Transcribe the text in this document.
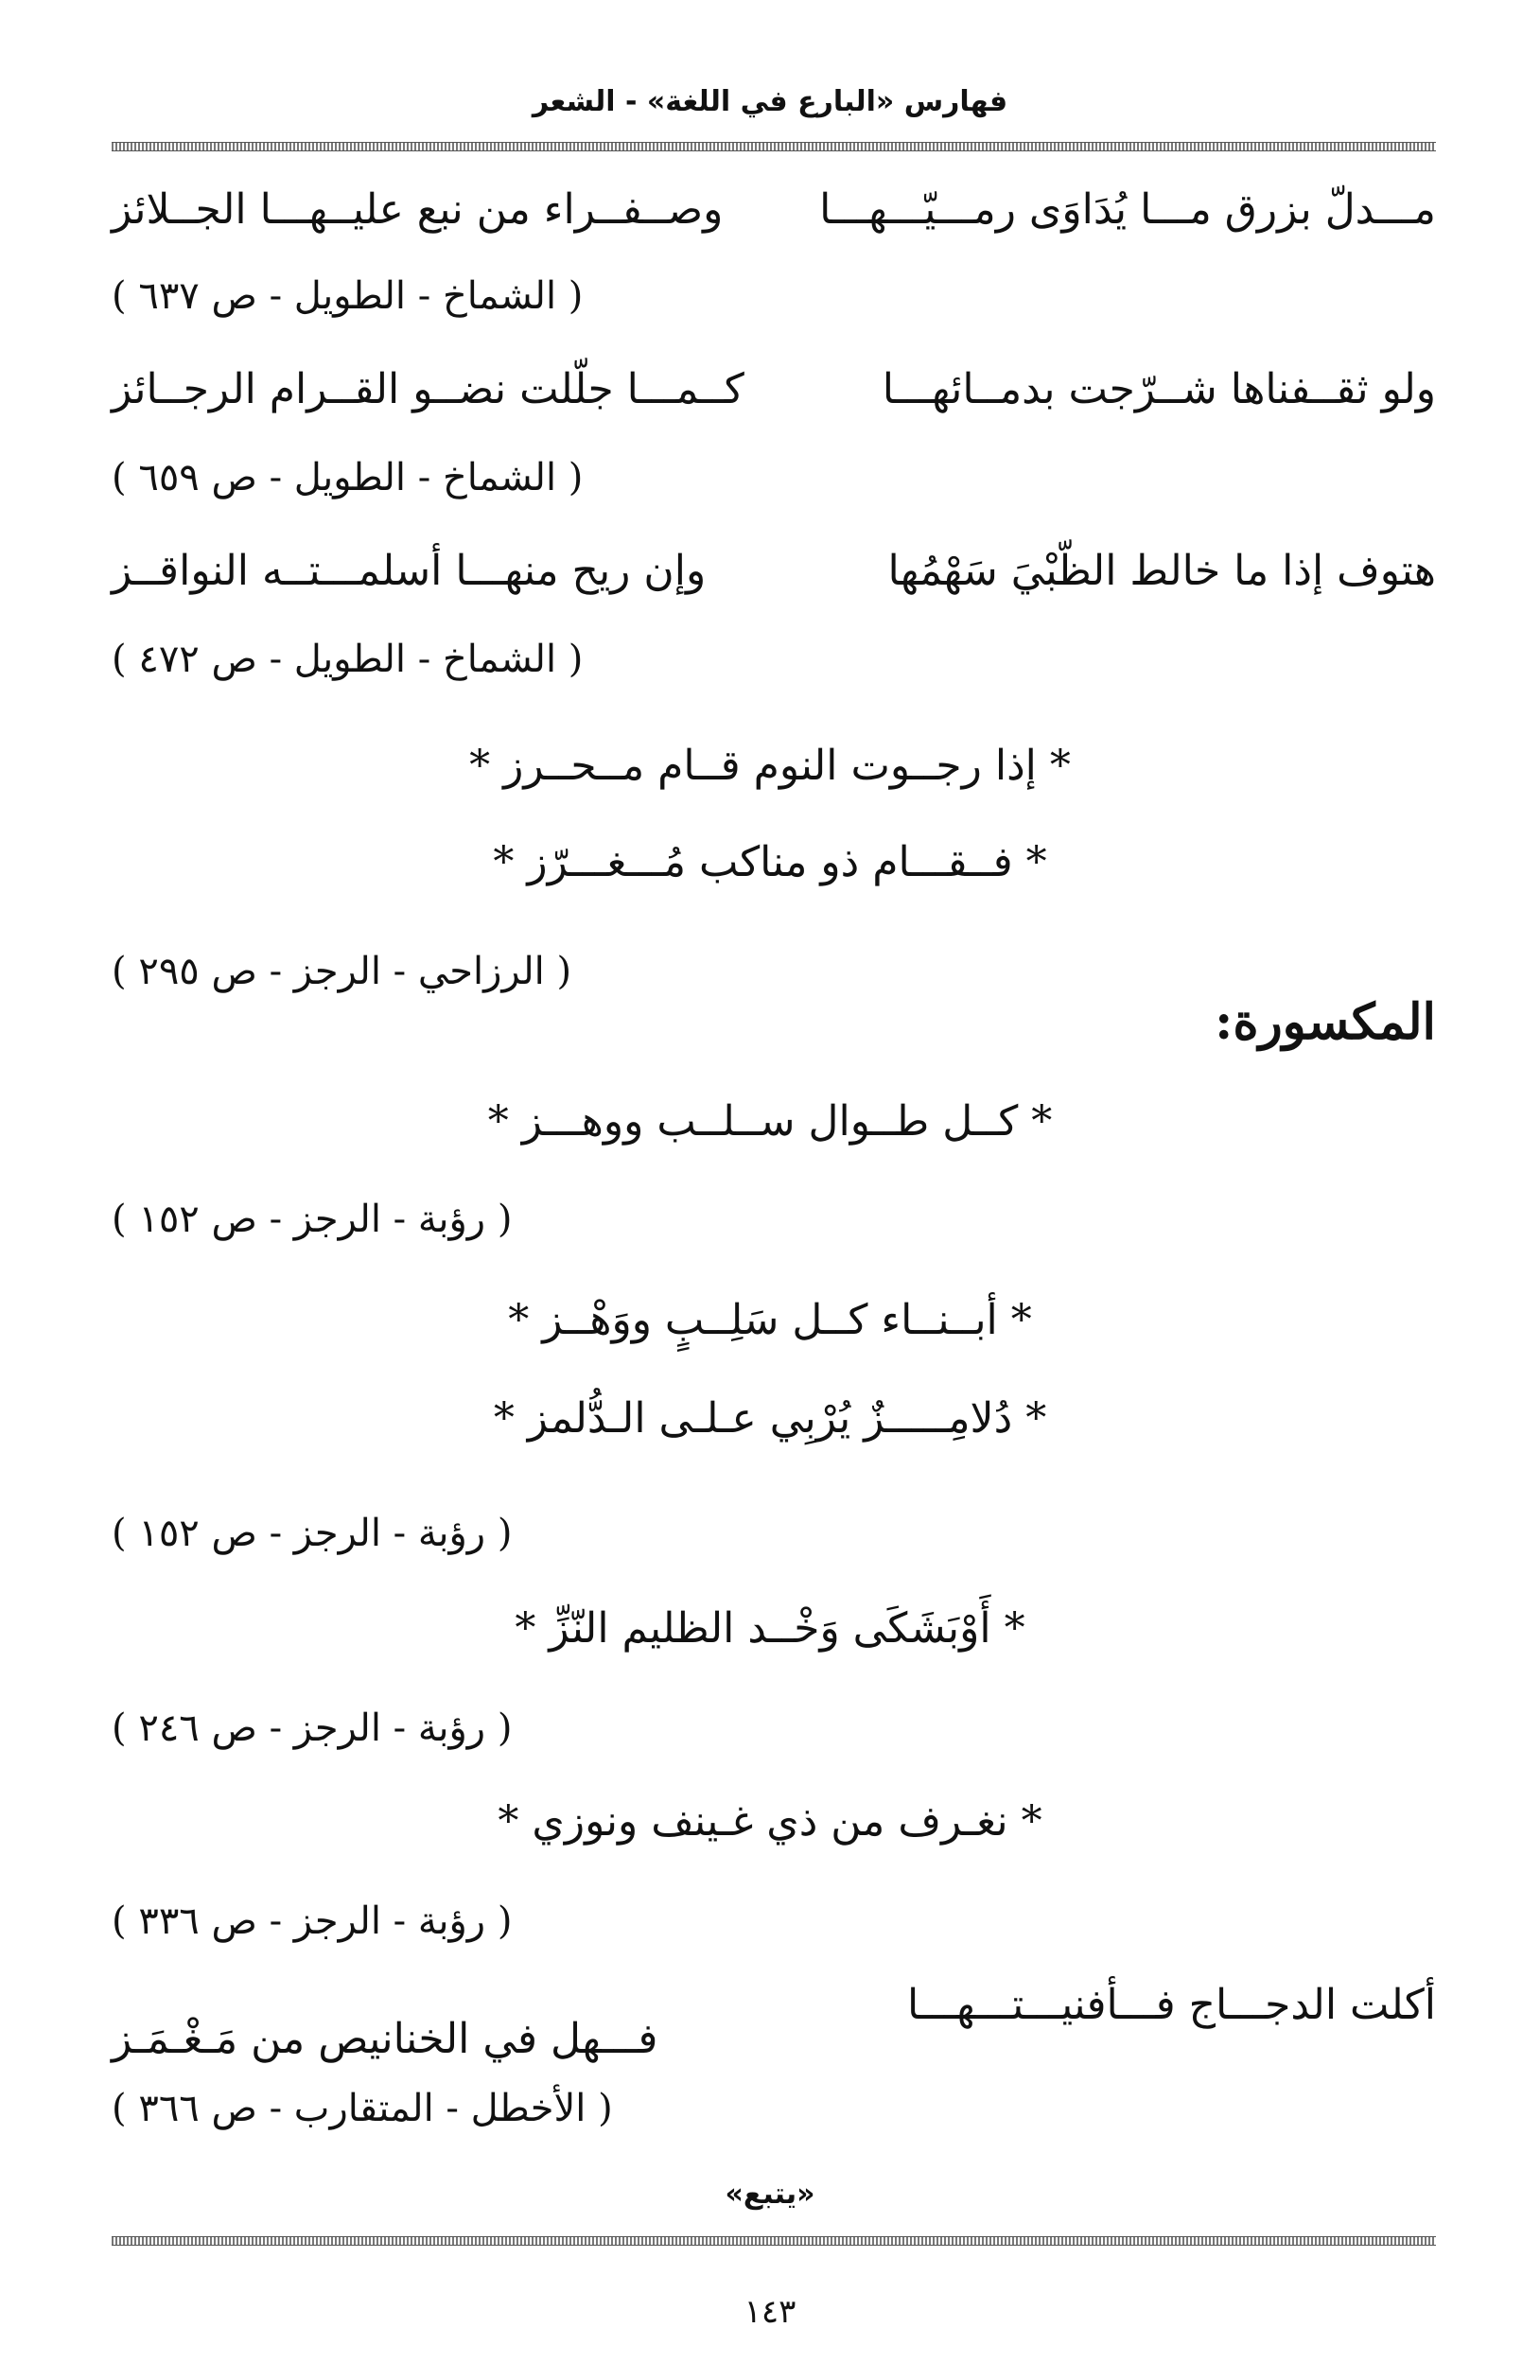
فهارس «البارع في اللغة» - الشعر
مـــدلّ بزرق مـــا يُدَاوَى رمـــيّـــهـــا
وصــفــراء من نبع عليــهـــا الجــلائز
( الشماخ - الطويل - ص ٦٣٧ )
ولو ثقــفناها شــرّجت بدمــائهـــا
كــمـــا جلّلت نضــو القــرام الرجــائز
( الشماخ - الطويل - ص ٦٥٩ )
هتوف إذا ما خالط الظّبْيَ سَهْمُها
وإن ريح منهـــا أسلمـــتــه النواقــز
( الشماخ - الطويل - ص ٤٧٢ )
* إذا رجــوت النوم قــام مــحــرز *
* فــقـــام ذو مناكب مُـــغـــرّز *
( الرزاحي - الرجز - ص ٢٩٥ )
المكسورة:
* كــل طــوال ســلــب ووهـــز *
( رؤبة - الرجز - ص ١٥٢ )
* أبــنــاء كــل سَلِــبٍ ووَهْــز *
* دُلامِـــــزٌ يُرْبِي عـلـى الـدُّلمز *
( رؤبة - الرجز - ص ١٥٢ )
* أَوْبَشَكَى وَخْــد الظليم النّزِّ *
( رؤبة - الرجز - ص ٢٤٦ )
* نغـرف من ذي غـينف ونوزي *
( رؤبة - الرجز - ص ٣٣٦ )
أكلت الدجـــاج فـــأفنيـــتـــهـــا
فـــهل في الخنانيص من مَـغْـمَـز
( الأخطل - المتقارب - ص ٣٦٦ )
«يتبع»
١٤٣
